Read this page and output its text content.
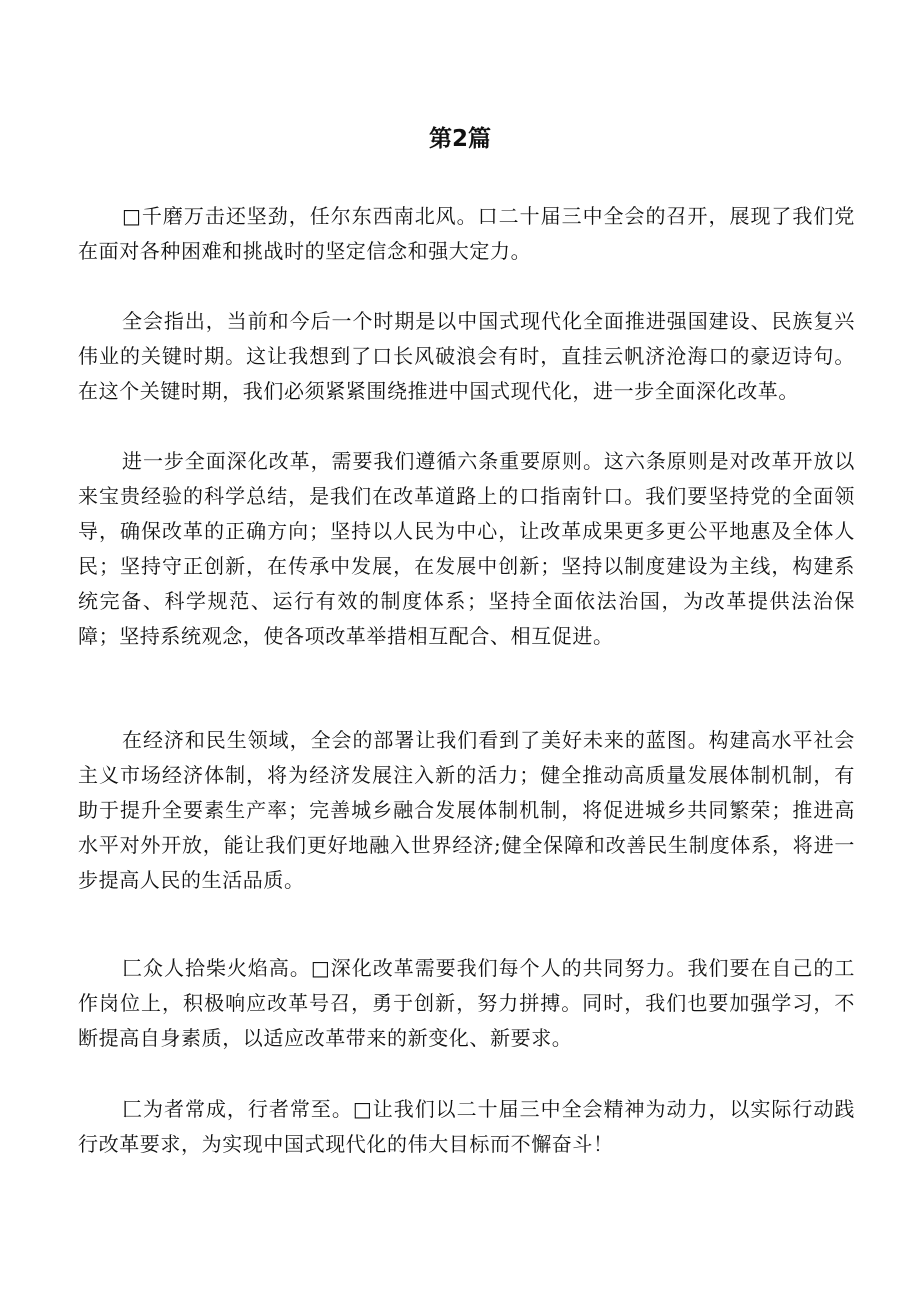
第2篇

□千磨万击还坚劲，任尔东西南北风。口二十届三中全会的召开，展现了我们党在面对各种困难和挑战时的坚定信念和强大定力。

全会指出，当前和今后一个时期是以中国式现代化全面推进强国建设、民族复兴伟业的关键时期。这让我想到了口长风破浪会有时，直挂云帆济沧海口的豪迈诗句。在这个关键时期，我们必须紧紧围绕推进中国式现代化，进一步全面深化改革。

进一步全面深化改革，需要我们遵循六条重要原则。这六条原则是对改革开放以来宝贵经验的科学总结，是我们在改革道路上的口指南针口。我们要坚持党的全面领导，确保改革的正确方向；坚持以人民为中心，让改革成果更多更公平地惠及全体人民；坚持守正创新，在传承中发展，在发展中创新；坚持以制度建设为主线，构建系统完备、科学规范、运行有效的制度体系；坚持全面依法治国，为改革提供法治保障；坚持系统观念，使各项改革举措相互配合、相互促进。

在经济和民生领域，全会的部署让我们看到了美好未来的蓝图。构建高水平社会主义市场经济体制，将为经济发展注入新的活力；健全推动高质量发展体制机制，有助于提升全要素生产率；完善城乡融合发展体制机制，将促进城乡共同繁荣；推进高水平对外开放，能让我们更好地融入世界经济;健全保障和改善民生制度体系，将进一步提高人民的生活品质。

匚众人拾柴火焰高。□深化改革需要我们每个人的共同努力。我们要在自己的工作岗位上，积极响应改革号召，勇于创新，努力拼搏。同时，我们也要加强学习，不断提高自身素质，以适应改革带来的新变化、新要求。

匚为者常成，行者常至。□让我们以二十届三中全会精神为动力，以实际行动践行改革要求，为实现中国式现代化的伟大目标而不懈奋斗！
